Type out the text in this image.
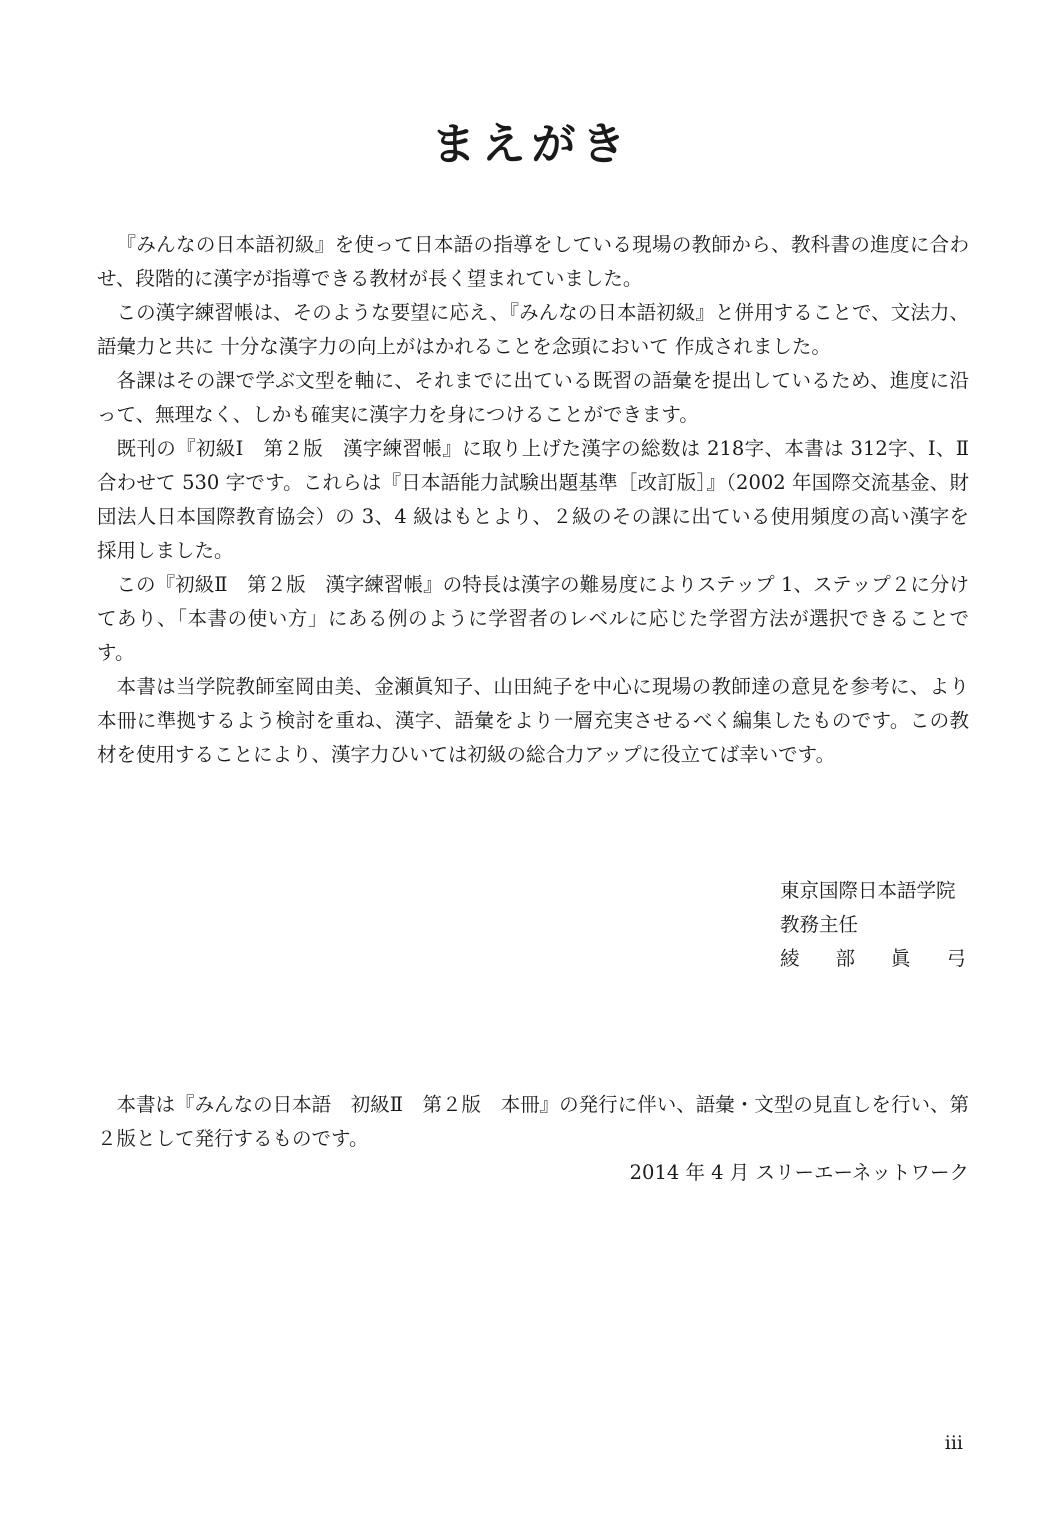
まえがき

『みんなの日本語初級』を使って日本語の指導をしている現場の教師から、教科書の進度に合わせ、段階的に漢字が指導できる教材が長く望まれていました。

この漢字練習帳は、そのような要望に応え、『みんなの日本語初級』と併用することで、文法力、語彙力と共に 十分な漢字力の向上がはかれることを念頭において 作成されました。

各課はその課で学ぶ文型を軸に、それまでに出ている既習の語彙を提出しているため、進度に沿って、無理なく、しかも確実に漢字力を身につけることができます。

既刊の『初級Ⅰ　第２版　漢字練習帳』に取り上げた漢字の総数は 218字、本書は 312字、Ⅰ、Ⅱ合わせて 530 字です。これらは『日本語能力試験出題基準［改訂版］』（2002 年国際交流基金、財団法人日本国際教育協会）の 3、4 級はもとより、２級のその課に出ている使用頻度の高い漢字を採用しました。

この『初級Ⅱ　第２版　漢字練習帳』の特長は漢字の難易度によりステップ 1、ステップ２に分けてあり、「本書の使い方」にある例のように学習者のレベルに応じた学習方法が選択できることです。

本書は当学院教師室岡由美、金瀬眞知子、山田純子を中心に現場の教師達の意見を参考に、より本冊に準拠するよう検討を重ね、漢字、語彙をより一層充実させるべく編集したものです。この教材を使用することにより、漢字力ひいては初級の総合力アップに役立てば幸いです。

東京国際日本語学院
教務主任
綾 部 眞 弓

本書は『みんなの日本語　初級Ⅱ　第２版　本冊』の発行に伴い、語彙・文型の見直しを行い、第２版として発行するものです。

2014 年 4 月 スリーエーネットワーク
iii
